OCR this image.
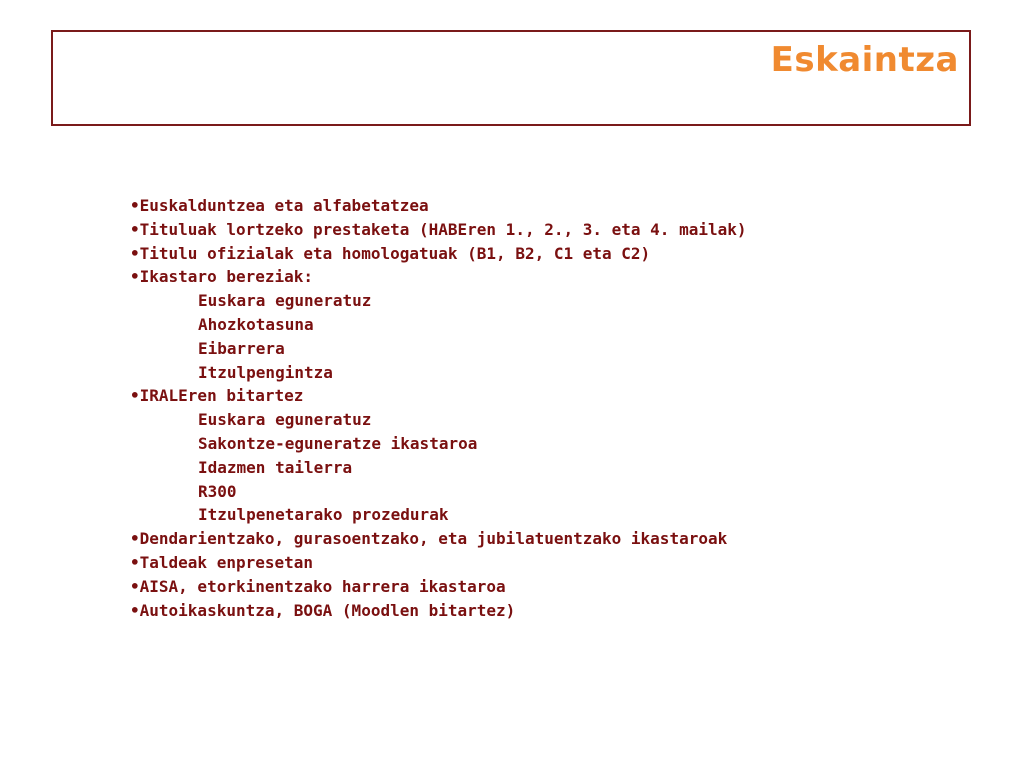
Eskaintza
•Euskalduntzea eta alfabetatzea
•Tituluak lortzeko prestaketa (HABEren 1., 2., 3. eta 4. mailak)
•Titulu ofizialak eta homologatuak (B1, B2, C1 eta C2)
•Ikastaro bereziak:
Euskara eguneratuz
Ahozkotasuna
Eibarrera
Itzulpengintza
•IRALEren bitartez
Euskara eguneratuz
Sakontze-eguneratze ikastaroa
Idazmen tailerra
R300
Itzulpenetarako prozedurak
•Dendarientzako, gurasoentzako, eta jubilatuentzako ikastaroak
•Taldeak enpresetan
•AISA, etorkinentzako harrera ikastaroa
•Autoikaskuntza, BOGA (Moodlen bitartez)
